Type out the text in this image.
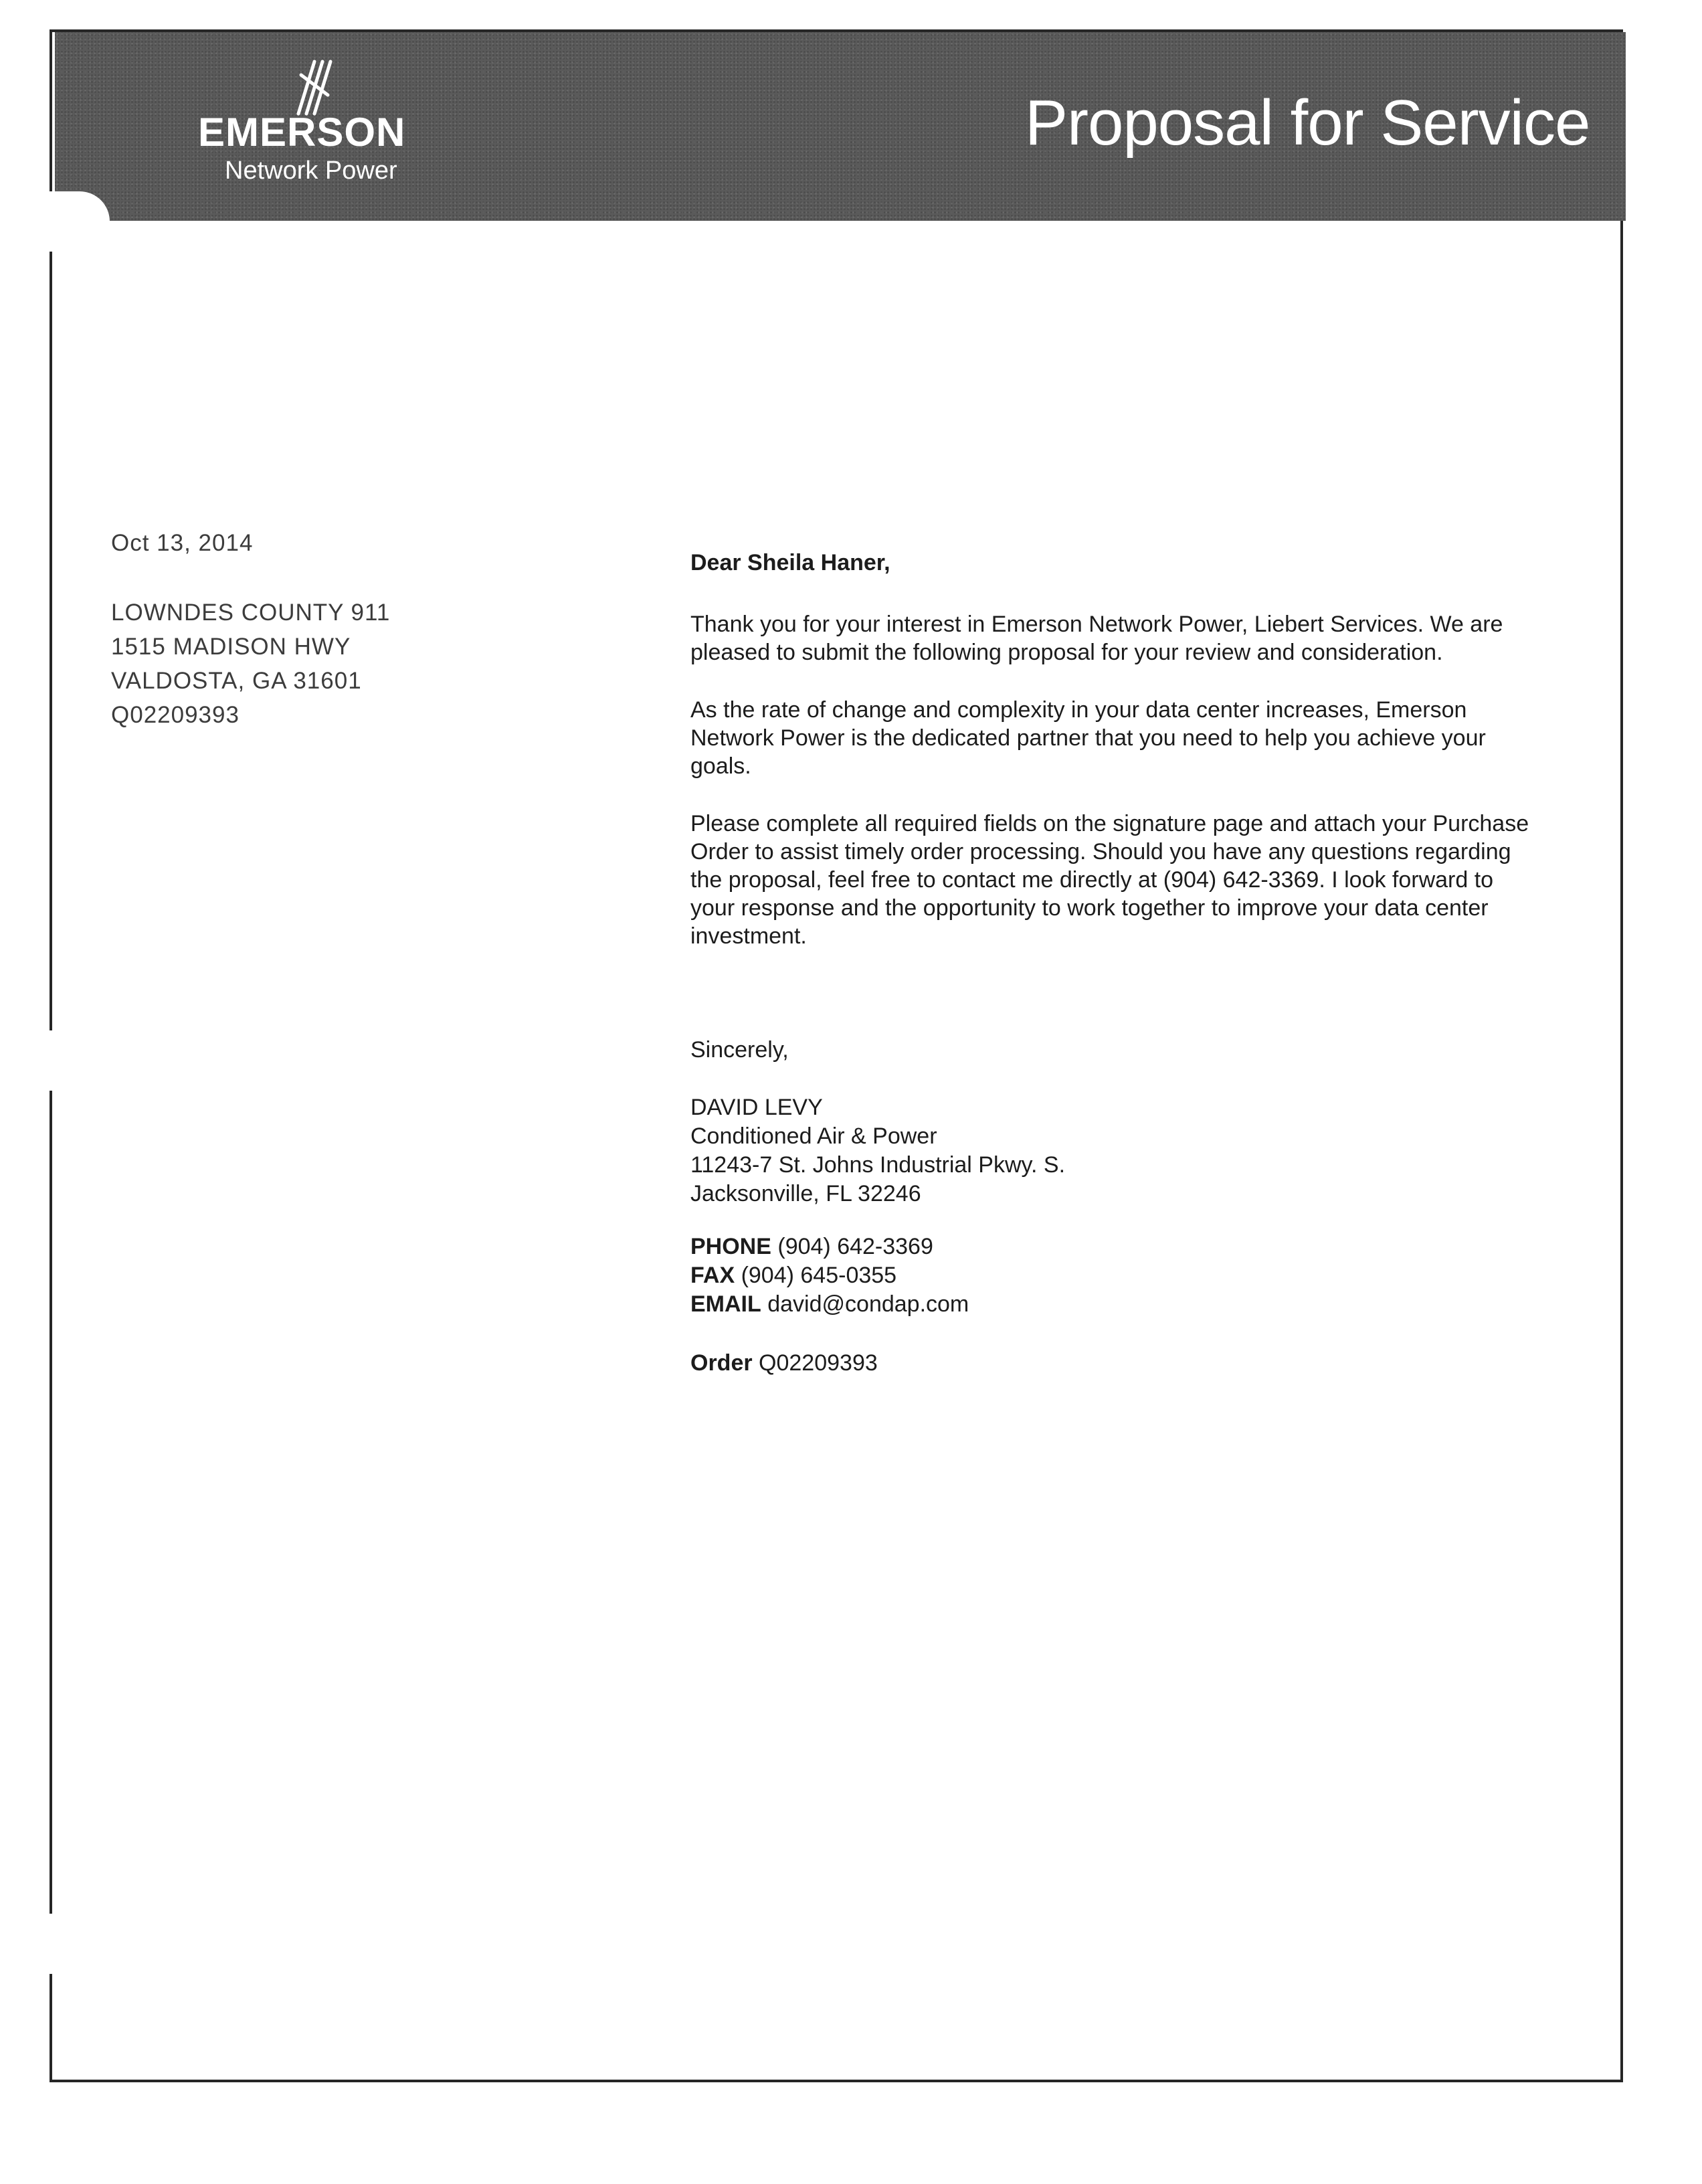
EMERSON
Network Power
Proposal for Service
Oct 13, 2014
LOWNDES COUNTY 911
1515 MADISON HWY
VALDOSTA, GA 31601
Q02209393
Dear Sheila Haner,
Thank you for your interest in Emerson Network Power, Liebert Services. We are
pleased to submit the following proposal for your review and consideration.
As the rate of change and complexity in your data center increases, Emerson
Network Power is the dedicated partner that you need to help you achieve your
goals.
Please complete all required fields on the signature page and attach your Purchase
Order to assist timely order processing. Should you have any questions regarding
the proposal, feel free to contact me directly at (904) 642-3369. I look forward to
your response and the opportunity to work together to improve your data center
investment.
Sincerely,
DAVID LEVY
Conditioned Air & Power
11243-7 St. Johns Industrial Pkwy. S.
Jacksonville, FL 32246
PHONE (904) 642-3369
FAX (904) 645-0355
EMAIL david@condap.com
Order Q02209393
